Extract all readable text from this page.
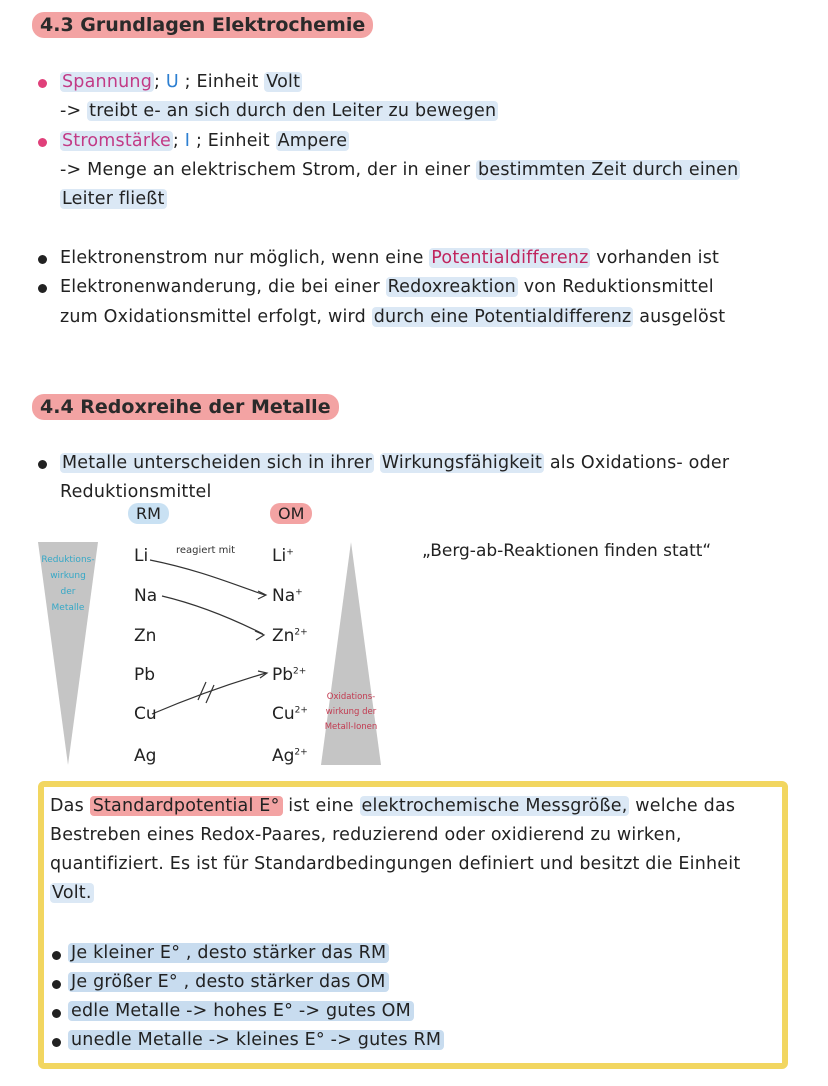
4.3 Grundlagen Elektrochemie
Spannung ; U ; Einheit Volt
-> treibt e- an sich durch den Leiter zu bewegen
Stromstärke ; I ; Einheit Ampere
-> Menge an elektrischem Strom, der in einer bestimmten Zeit durch einen
Leiter fließt
Elektronenstrom nur möglich, wenn eine Potentialdifferenz vorhanden ist
Elektronenwanderung, die bei einer Redoxreaktion von Reduktionsmittel
zum Oxidationsmittel erfolgt, wird durch eine Potentialdifferenz ausgelöst
4.4 Redoxreihe der Metalle
Metalle unterscheiden sich in ihrer Wirkungsfähigkeit als Oxidations- oder
Reduktionsmittel
RM	OM
Reduktions-
wirkung
der
Metalle
Oxidations-
wirkung der
Metall-Ionen
reagiert mit
Li
Na
Zn
Pb
Cu
Ag
Li+
Na+
$Zn^{2+}$
$Pb^{2+}$
$Cu^{2+}$
$Ag^{2+}$
„Berg-ab-Reaktionen finden statt“
Das Standardpotential E° ist eine elektrochemische Messgröße, welche das
Bestreben eines Redox-Paares, reduzierend oder oxidierend zu wirken,
quantifiziert. Es ist für Standardbedingungen definiert und besitzt die Einheit
Volt.
Je kleiner E° , desto stärker das RM
Je größer E° , desto stärker das OM
edle Metalle -> hohes E° -> gutes OM
unedle Metalle -> kleines E° -> gutes RM
